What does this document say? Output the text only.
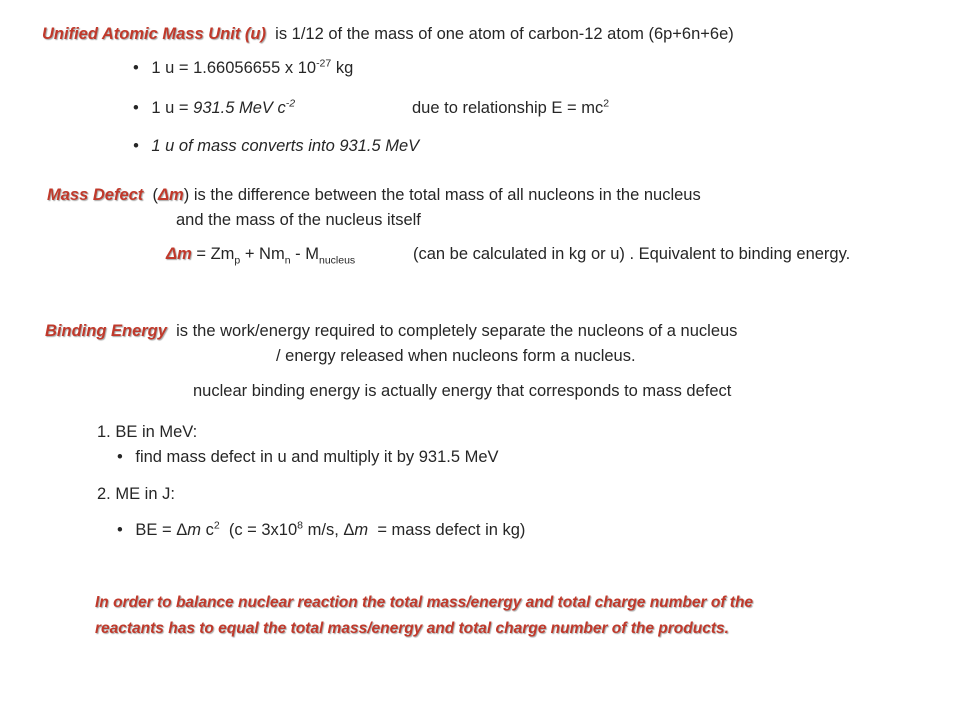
Unified Atomic Mass Unit (u) is 1/12 of the mass of one atom of carbon-12 atom (6p+6n+6e)
• 1 u = 1.66056655 x $10^{-27}$ kg
• 1 u = 931.5 MeV $c^{-2}$	due to relationship $E = mc^2$
• 1 u of mass converts into 931.5 MeV
Mass Defect (Δm) is the difference between the total mass of all nucleons in the nucleus
and the mass of the nucleus itself
$\Delta m = Zm_p + Nm_n - M_{nucleus}$	(can be calculated in kg or u) . Equivalent to binding energy.
Binding Energy is the work/energy required to completely separate the nucleons of a nucleus
/ energy released when nucleons form a nucleus.
nuclear binding energy is actually energy that corresponds to mass defect
1. BE in MeV:
• find mass defect in u and multiply it by 931.5 MeV
2. ME in J:
• BE = Δm $c^2$ ($c = 3x10^8$ m/s, Δm = mass defect in kg)
In order to balance nuclear reaction the total mass/energy and total charge number of the
reactants has to equal the total mass/energy and total charge number of the products.
